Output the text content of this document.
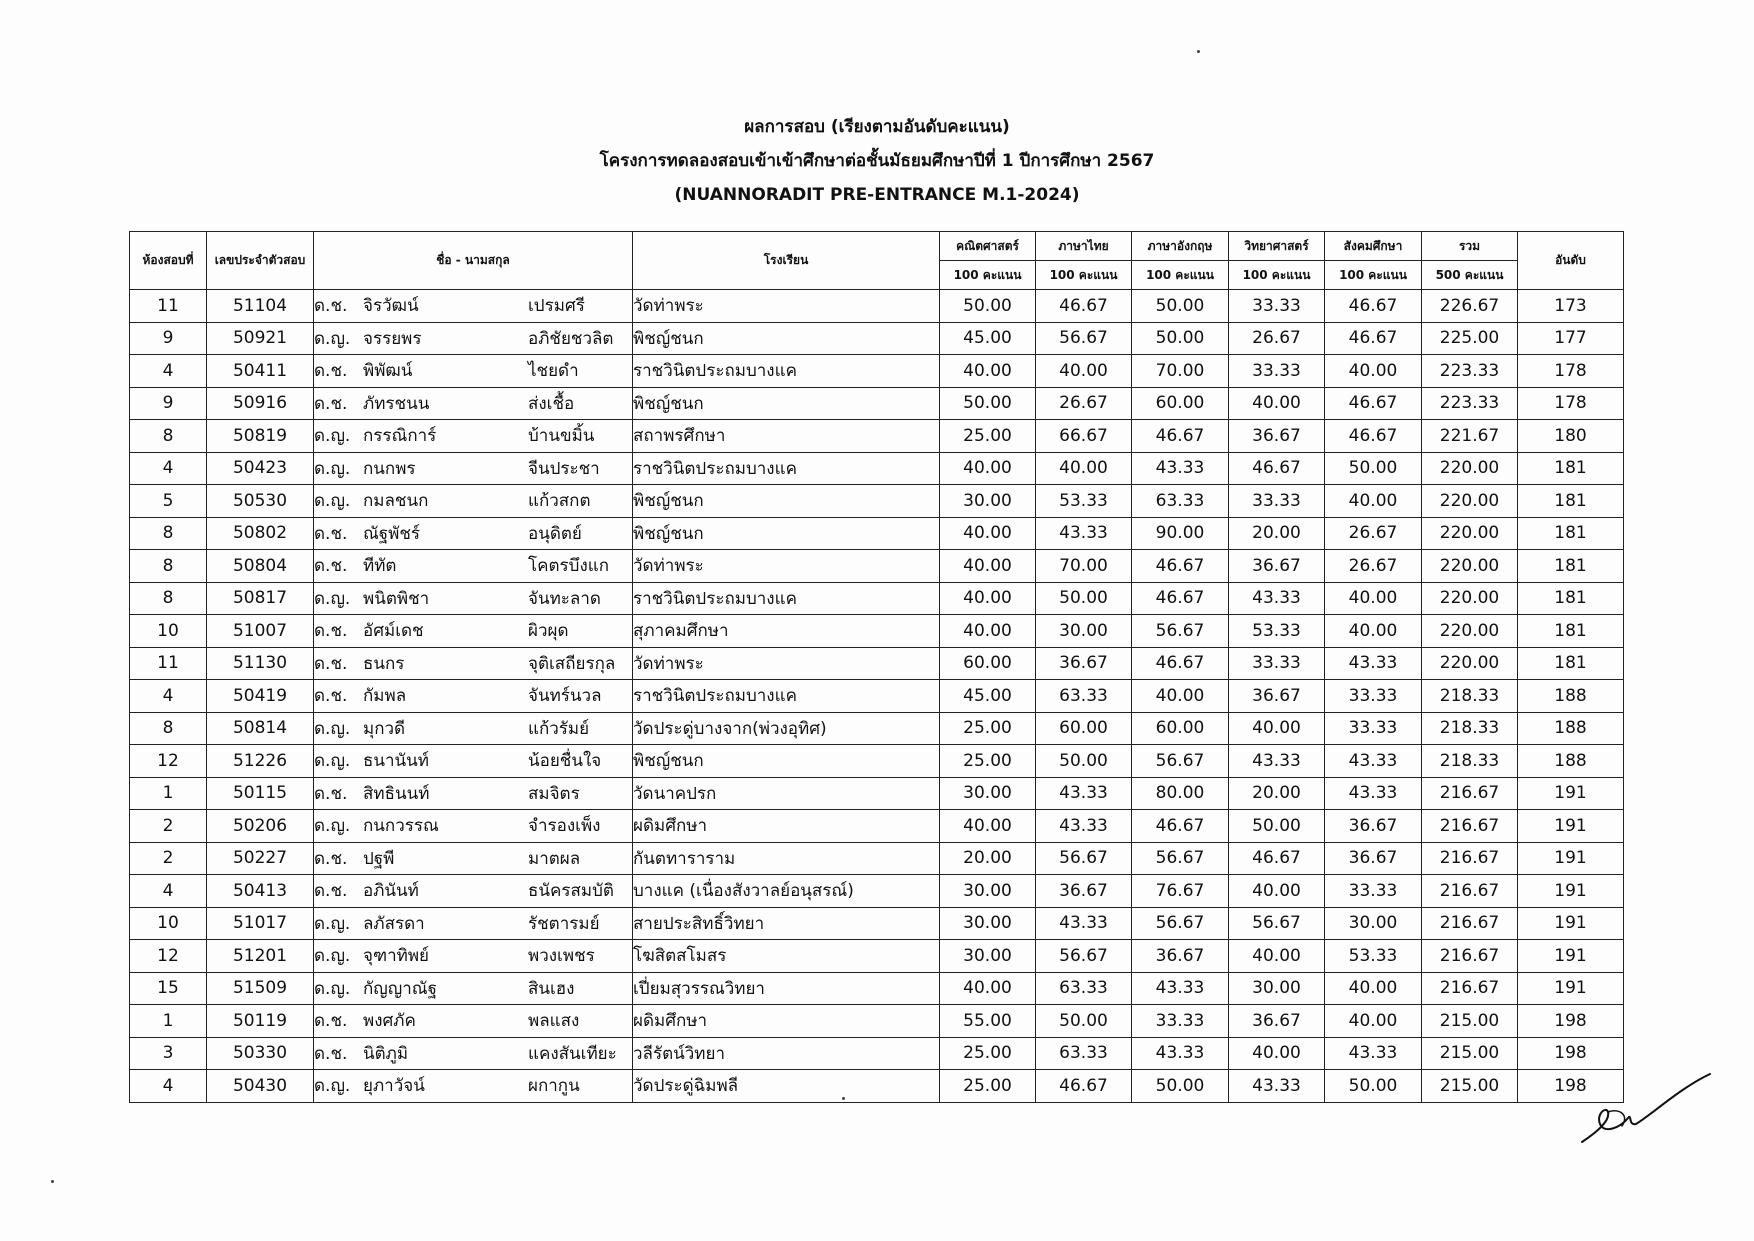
ผลการสอบ (เรียงตามอันดับคะแนน)
โครงการทดลองสอบเข้าเข้าศึกษาต่อชั้นมัธยมศึกษาปีที่ 1 ปีการศึกษา 2567
(NUANNORADIT PRE-ENTRANCE M.1-2024)
ห้องสอบที่	เลขประจำตัวสอบ	ชื่อ - นามสกุล	โรงเรียน	คณิตศาสตร์	ภาษาไทย	ภาษาอังกฤษ	วิทยาศาสตร์	สังคมศึกษา	รวม	อันดับ
				100 คะแนน	100 คะแนน	100 คะแนน	100 คะแนน	100 คะแนน	500 คะแนน	
11	51104	ด.ช. จิรวัฒน์ เปรมศรี	วัดท่าพระ	50.00	46.67	50.00	33.33	46.67	226.67	173
9	50921	ด.ญ. จรรยพร อภิชัยชวลิต	พิชญ์ชนก	45.00	56.67	50.00	26.67	46.67	225.00	177
4	50411	ด.ช. พิพัฒน์ ไชยดำ	ราชวินิตประถมบางแค	40.00	40.00	70.00	33.33	40.00	223.33	178
9	50916	ด.ช. ภัทรชนน ส่งเชื้อ	พิชญ์ชนก	50.00	26.67	60.00	40.00	46.67	223.33	178
8	50819	ด.ญ. กรรณิการ์ บ้านขมิ้น	สถาพรศึกษา	25.00	66.67	46.67	36.67	46.67	221.67	180
4	50423	ด.ญ. กนกพร จีนประชา	ราชวินิตประถมบางแค	40.00	40.00	43.33	46.67	50.00	220.00	181
5	50530	ด.ญ. กมลชนก แก้วสกต	พิชญ์ชนก	30.00	53.33	63.33	33.33	40.00	220.00	181
8	50802	ด.ช. ณัฐพัชร์ อนุดิตย์	พิชญ์ชนก	40.00	43.33	90.00	20.00	26.67	220.00	181
8	50804	ด.ช. ทีทัต โคตรบึงแก	วัดท่าพระ	40.00	70.00	46.67	36.67	26.67	220.00	181
8	50817	ด.ญ. พนิตพิชา จันทะลาด	ราชวินิตประถมบางแค	40.00	50.00	46.67	43.33	40.00	220.00	181
10	51007	ด.ช. อัศม์เดช ผิวผุด	สุภาคมศึกษา	40.00	30.00	56.67	53.33	40.00	220.00	181
11	51130	ด.ช. ธนกร จุติเสถียรกุล	วัดท่าพระ	60.00	36.67	46.67	33.33	43.33	220.00	181
4	50419	ด.ช. กัมพล จันทร์นวล	ราชวินิตประถมบางแค	45.00	63.33	40.00	36.67	33.33	218.33	188
8	50814	ด.ญ. มุกวดี แก้วรัมย์	วัดประดู่บางจาก(พ่วงอุทิศ)	25.00	60.00	60.00	40.00	33.33	218.33	188
12	51226	ด.ญ. ธนานันท์ น้อยชื่นใจ	พิชญ์ชนก	25.00	50.00	56.67	43.33	43.33	218.33	188
1	50115	ด.ช. สิทธินนท์ สมจิตร	วัดนาคปรก	30.00	43.33	80.00	20.00	43.33	216.67	191
2	50206	ด.ญ. กนกวรรณ จำรองเพ็ง	ผดิมศึกษา	40.00	43.33	46.67	50.00	36.67	216.67	191
2	50227	ด.ช. ปฐพี มาตผล	กันตทาราราม	20.00	56.67	56.67	46.67	36.67	216.67	191
4	50413	ด.ช. อภินันท์ ธนัครสมบัติ	บางแค (เนื่องสังวาลย์อนุสรณ์)	30.00	36.67	76.67	40.00	33.33	216.67	191
10	51017	ด.ญ. ลภัสรดา รัชตารมย์	สายประสิทธิ์วิทยา	30.00	43.33	56.67	56.67	30.00	216.67	191
12	51201	ด.ญ. จุฑาทิพย์ พวงเพชร	โฆสิตสโมสร	30.00	56.67	36.67	40.00	53.33	216.67	191
15	51509	ด.ญ. กัญญาณัฐ สินเฮง	เปี่ยมสุวรรณวิทยา	40.00	63.33	43.33	30.00	40.00	216.67	191
1	50119	ด.ช. พงศภัค พลแสง	ผดิมศึกษา	55.00	50.00	33.33	36.67	40.00	215.00	198
3	50330	ด.ช. นิติภูมิ แคงสันเทียะ	วลีรัตน์วิทยา	25.00	63.33	43.33	40.00	43.33	215.00	198
4	50430	ด.ญ. ยุภาวัจน์ ผกากูน	วัดประดู่ฉิมพลี	25.00	46.67	50.00	43.33	50.00	215.00	198
